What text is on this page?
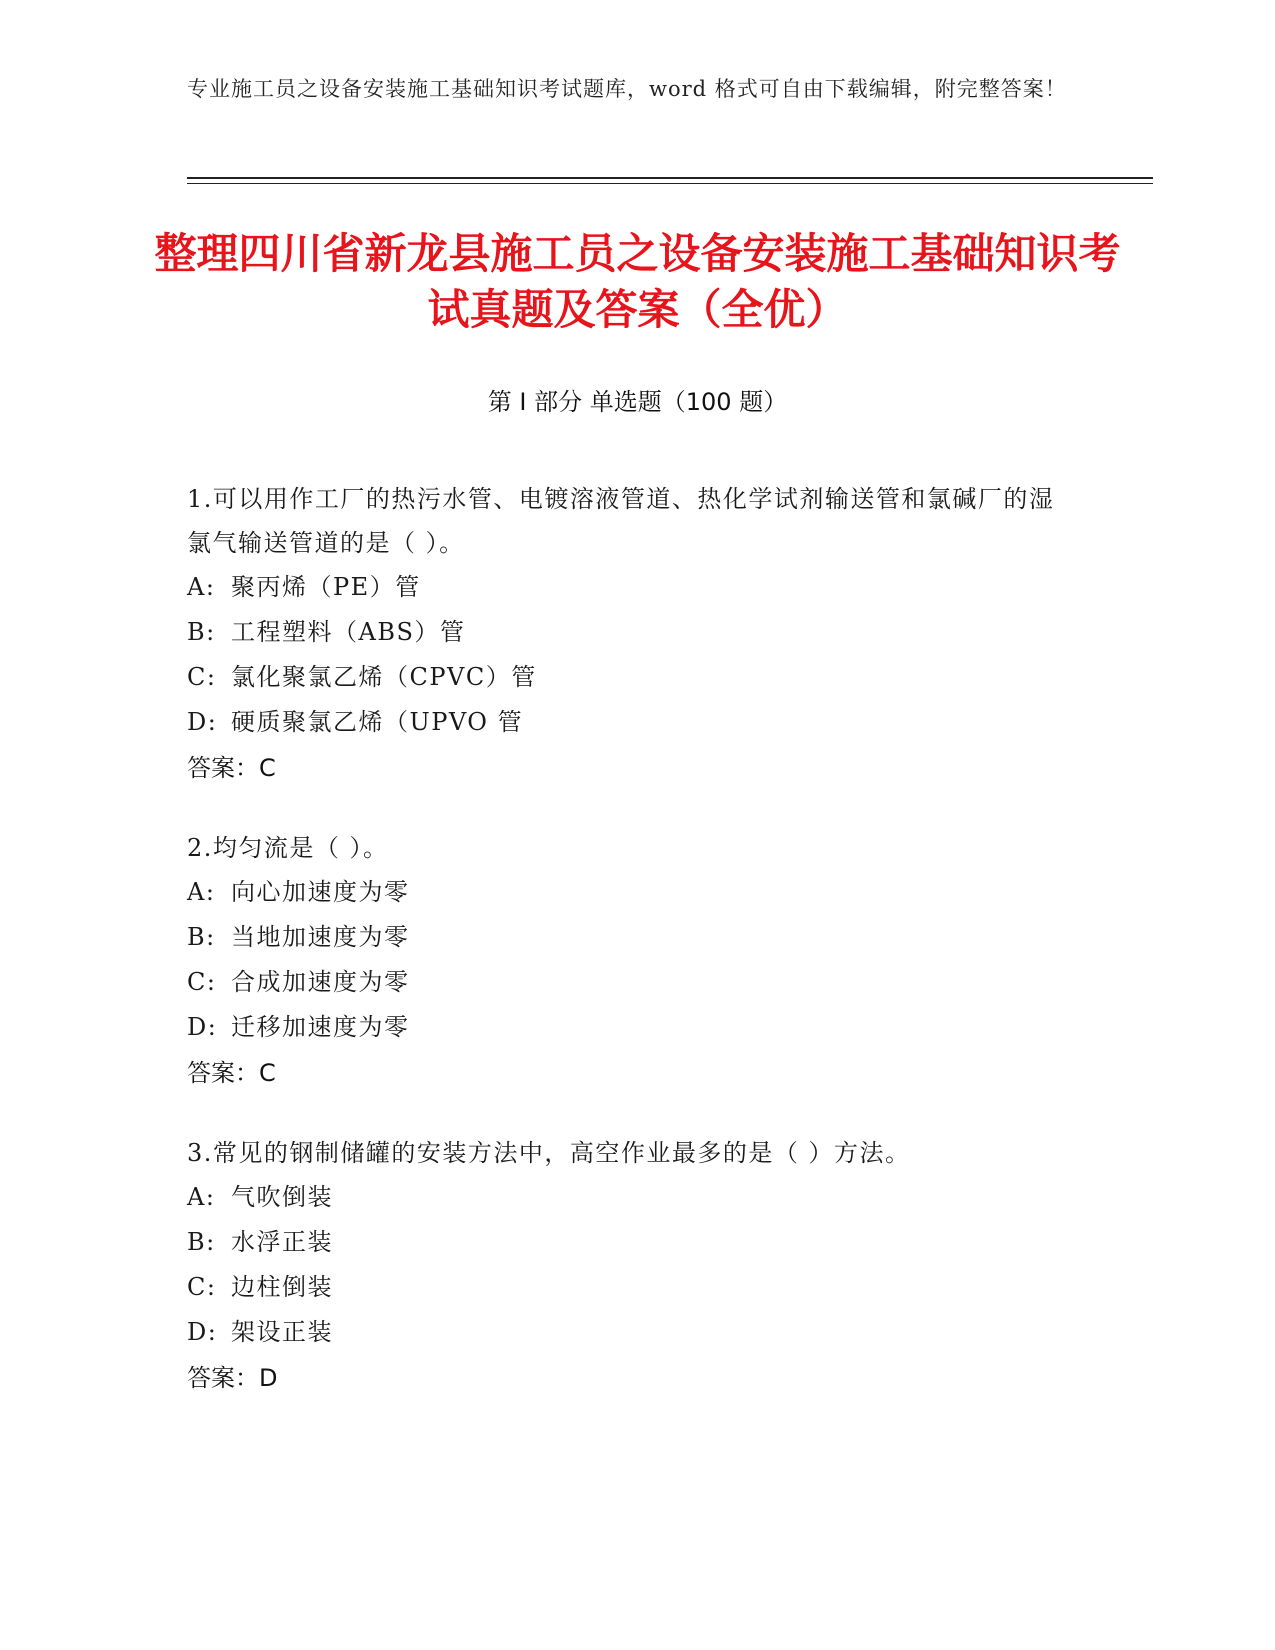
专业施工员之设备安装施工基础知识考试题库，word 格式可自由下载编辑，附完整答案！
整理四川省新龙县施工员之设备安装施工基础知识考试真题及答案（全优）
第 I 部分 单选题（100 题）

1.可以用作工厂的热污水管、电镀溶液管道、热化学试剂输送管和氯碱厂的湿氯气输送管道的是（ ）。

A: 聚丙烯（PE）管

B: 工程塑料（ABS）管

C: 氯化聚氯乙烯（CPVC）管

D: 硬质聚氯乙烯（UPVO 管

答案：C

2.均匀流是（ ）。

A: 向心加速度为零

B: 当地加速度为零

C: 合成加速度为零

D: 迁移加速度为零

答案：C

3.常见的钢制储罐的安装方法中，高空作业最多的是（ ）方法。

A: 气吹倒装

B: 水浮正装

C: 边柱倒装

D: 架设正装

答案：D
